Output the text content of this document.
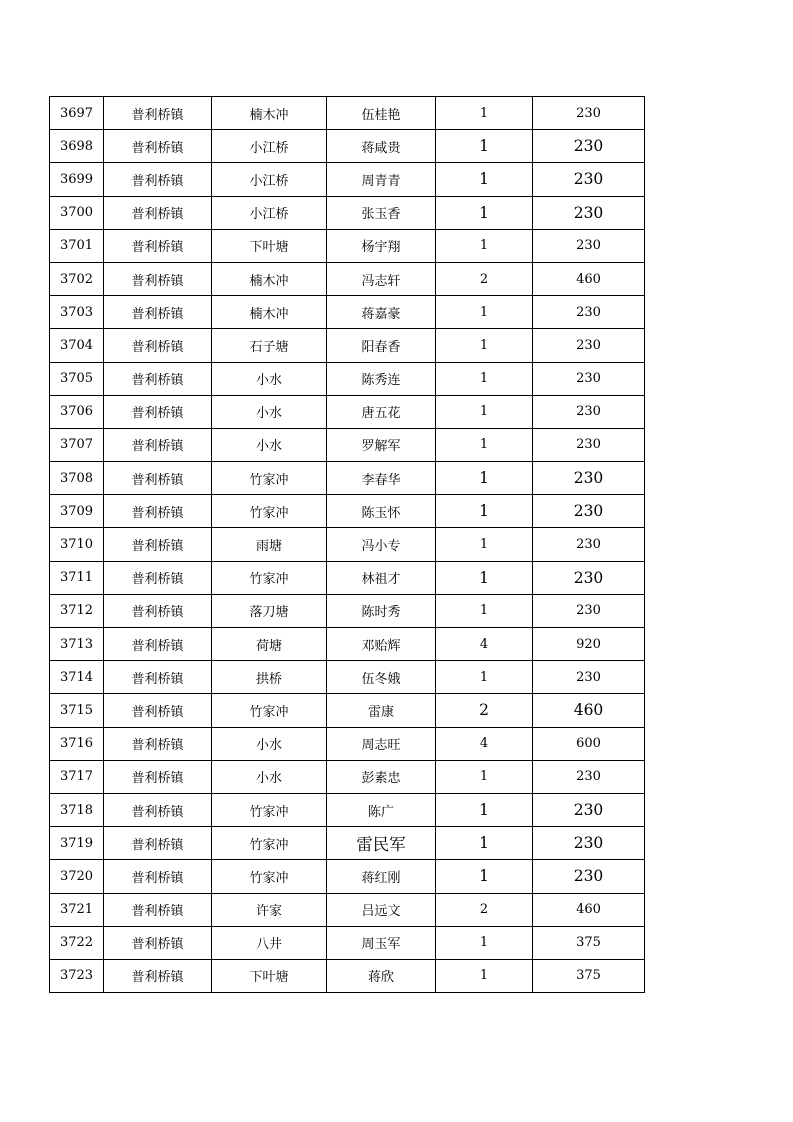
3697	普利桥镇	楠木冲	伍桂艳	1	230
3698	普利桥镇	小江桥	蒋咸贵	1	230
3699	普利桥镇	小江桥	周青青	1	230
3700	普利桥镇	小江桥	张玉香	1	230
3701	普利桥镇	下叶塘	杨宇翔	1	230
3702	普利桥镇	楠木冲	冯志轩	2	460
3703	普利桥镇	楠木冲	蒋嘉豪	1	230
3704	普利桥镇	石子塘	阳春香	1	230
3705	普利桥镇	小水	陈秀连	1	230
3706	普利桥镇	小水	唐五花	1	230
3707	普利桥镇	小水	罗解军	1	230
3708	普利桥镇	竹家冲	李春华	1	230
3709	普利桥镇	竹家冲	陈玉怀	1	230
3710	普利桥镇	雨塘	冯小专	1	230
3711	普利桥镇	竹家冲	林祖才	1	230
3712	普利桥镇	落刀塘	陈时秀	1	230
3713	普利桥镇	荷塘	邓贻辉	4	920
3714	普利桥镇	拱桥	伍冬娥	1	230
3715	普利桥镇	竹家冲	雷康	2	460
3716	普利桥镇	小水	周志旺	4	600
3717	普利桥镇	小水	彭素忠	1	230
3718	普利桥镇	竹家冲	陈广	1	230
3719	普利桥镇	竹家冲	雷民军	1	230
3720	普利桥镇	竹家冲	蒋红刚	1	230
3721	普利桥镇	许家	吕远文	2	460
3722	普利桥镇	八井	周玉军	1	375
3723	普利桥镇	下叶塘	蒋欣	1	375
